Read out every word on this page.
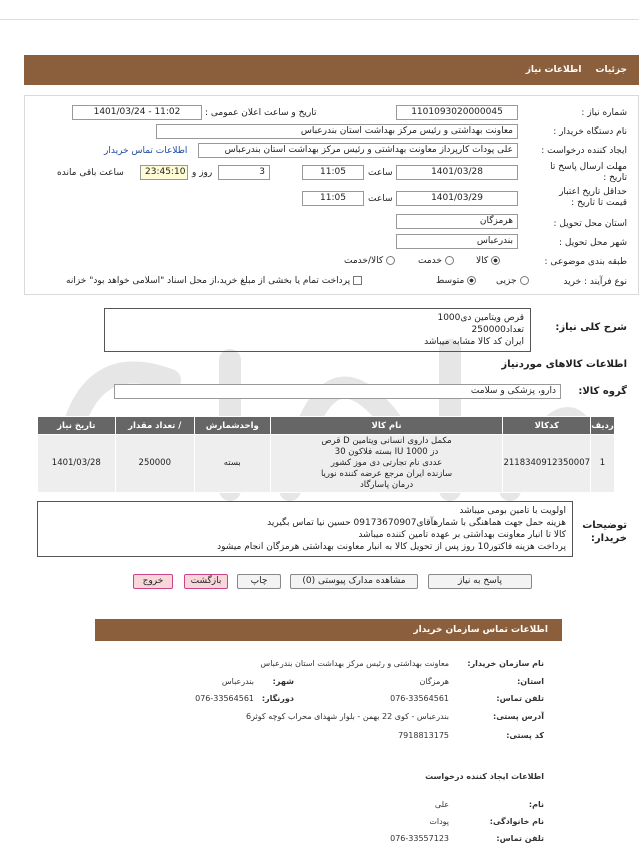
جزئیات
اطلاعات نیاز
شماره نیاز :
1101093020000045
تاریخ و ساعت اعلان عمومی :
1401/03/24 - 11:02
نام دستگاه خریدار :
معاونت بهداشتی و رئیس مرکز بهداشت استان بندرعباس
ایجاد کننده درخواست :
علی پودات کارپرداز معاونت بهداشتی و رئیس مرکز بهداشت استان بندرعباس
اطلاعات تماس خریدار
مهلت ارسال پاسخ تا تاریخ :
1401/03/28
ساعت
11:05
3
روز و
23:45:10
ساعت باقی مانده
حداقل تاریخ اعتبار قیمت تا تاریخ :
1401/03/29
ساعت
11:05
استان محل تحویل :
هرمزگان
شهر محل تحویل :
بندرعباس
طبقه بندی موضوعی :
کالا
خدمت
کالا/خدمت
نوع فرآیند : خرید
جزیی
متوسط
پرداخت تمام یا بخشی از مبلغ خرید،از محل اسناد "اسلامی خواهد بود" خزانه
شرح کلی نیاز:
قرص ویتامین دی1000
تعداد250000
ایران کد کالا مشابه میباشد
اطلاعات کالاهای موردنیاز
گروه کالا:
دارو، پزشکی و سلامت
ردیف	کدکالا	نام کالا	واحدشمارش	/ تعداد مقدار	تاریخ نیاز
1	2118340912350007	مکمل داروی انسانی ویتامین D قرص
دز 1000 IU بسته فلاکون 30
عددی نام تجارتی دی موز کشور
سازنده ایران مرجع عرضه کننده نوریا
درمان پاسارگاد	بسته	250000	1401/03/28
توضیحات خریدار:
اولویت با تامین بومی میباشد
هزینه حمل جهت هماهنگی با شمارهآقای09173670907 حسین نیا تماس بگیرید
کالا تا انبار معاونت بهداشتی بر عهده تامین کننده میباشد
پرداخت هزینه فاکتور10 روز پس از تحویل کالا به انبار معاونت بهداشتی هرمزگان انجام میشود
پاسخ به نیاز
مشاهده مدارک پیوستی (0)
چاپ
بازگشت
خروج
اطلاعات تماس سازمان خریدار
نام سازمان خریدار:
معاونت بهداشتی و رئیس مرکز بهداشت استان بندرعباس
استان:
هرمزگان
شهر:
بندرعباس
تلفن تماس:
076-33564561
دورنگار:
076-33564561
آدرس پستی:
بندرعباس - کوی 22 بهمن - بلوار شهدای محراب کوچه کوثر6
کد پستی:
7918813175
اطلاعات ایجاد کننده درخواست
نام:
علی
نام خانوادگی:
پودات
تلفن تماس:
076-33557123
